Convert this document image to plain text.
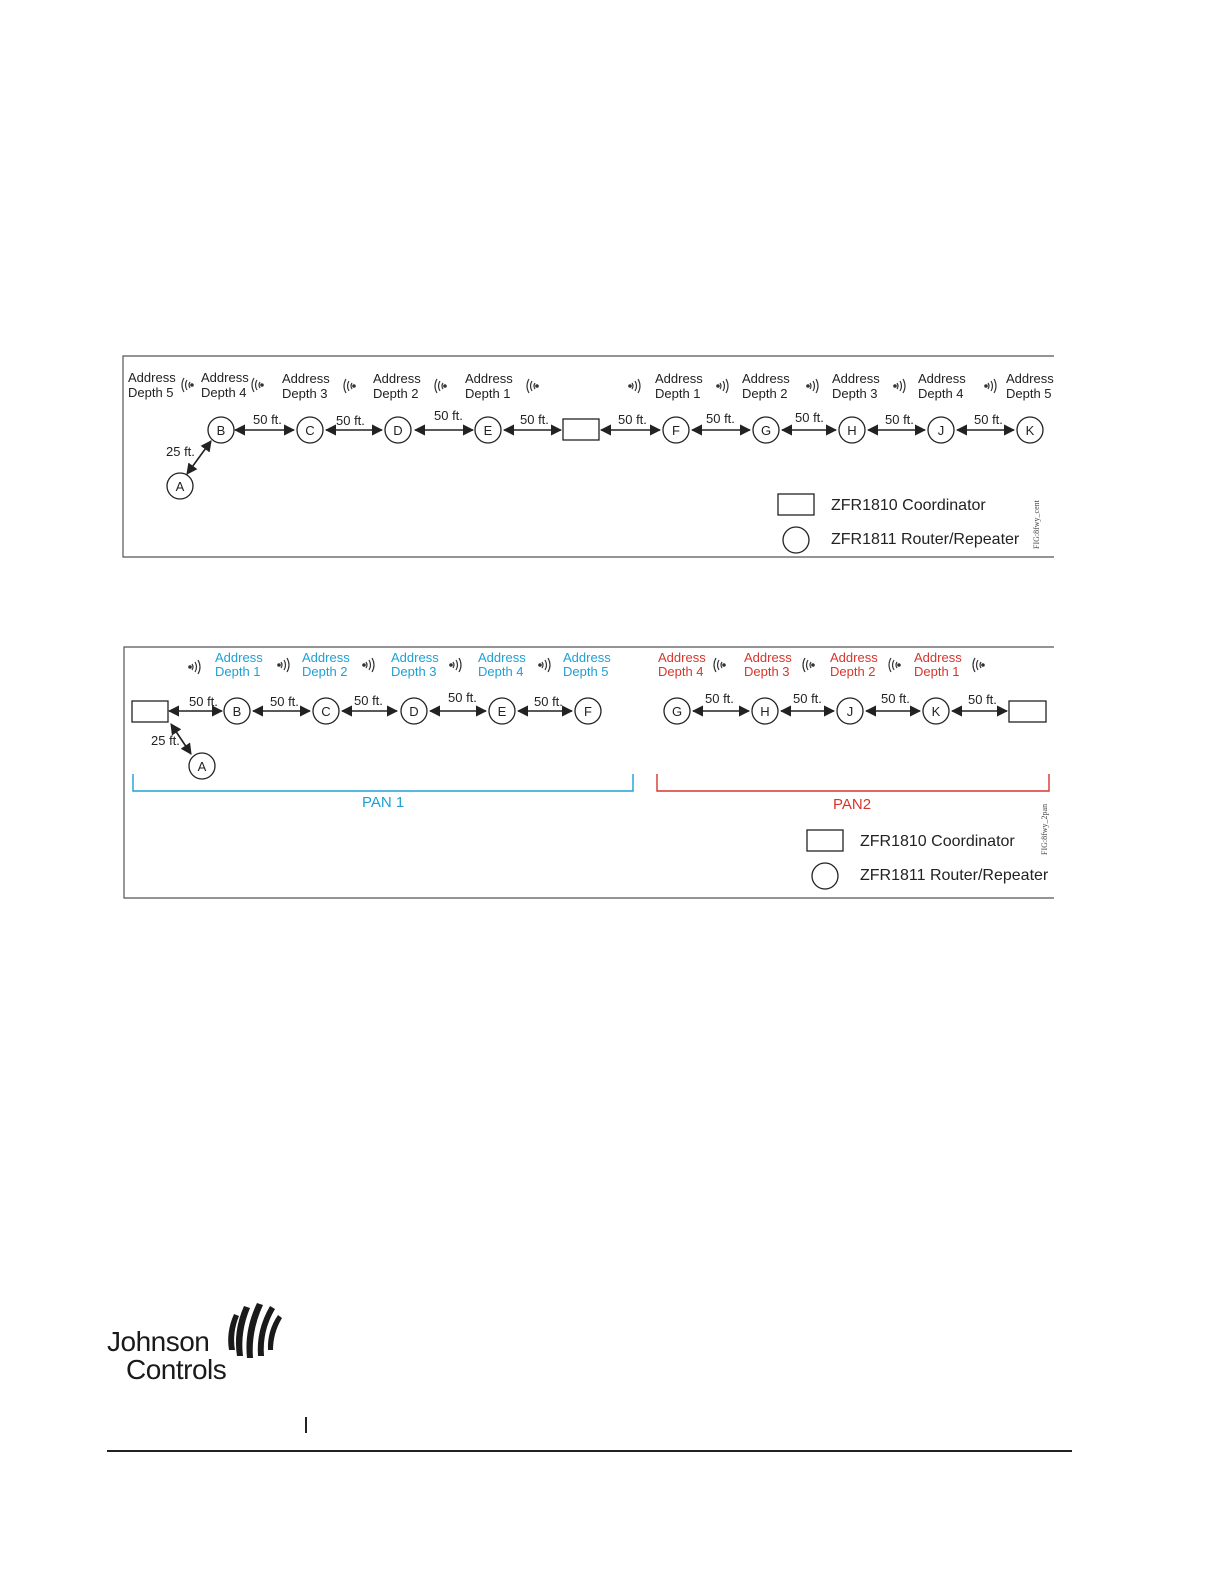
Address
Depth 5
Address
Depth 4
Address
Depth 3
Address
Depth 2
Address
Depth 1
Address
Depth 1
Address
Depth 2
Address
Depth 3
Address
Depth 4
Address
Depth 5
25 ft.
50 ft.	50 ft.	50 ft.	50 ft.	50 ft.	50 ft.	50 ft.	50 ft.	50 ft.
A
B	C	D	E	F	G	H	J	K
ZFR1810 Coordinator
ZFR1811 Router/Repeater FIG:8fwy_cent
Address
Depth 1
Address
Depth 2
Address
Depth 3
Address
Depth 4
Address
Depth 5
Address
Depth 4
Address
Depth 3
Address
Depth 2
Address
Depth 1
25 ft.
50 ft.	50 ft.	50 ft.	50 ft.	50 ft.	50 ft.	50 ft.	50 ft.	50 ft.
A
B	C	D	E	F	G	H	J	K
PAN 1	PAN2
ZFR1810 Coordinator
ZFR1811 Router/Repeater
FIG:8fwy_2pan
Johnson
Controls
